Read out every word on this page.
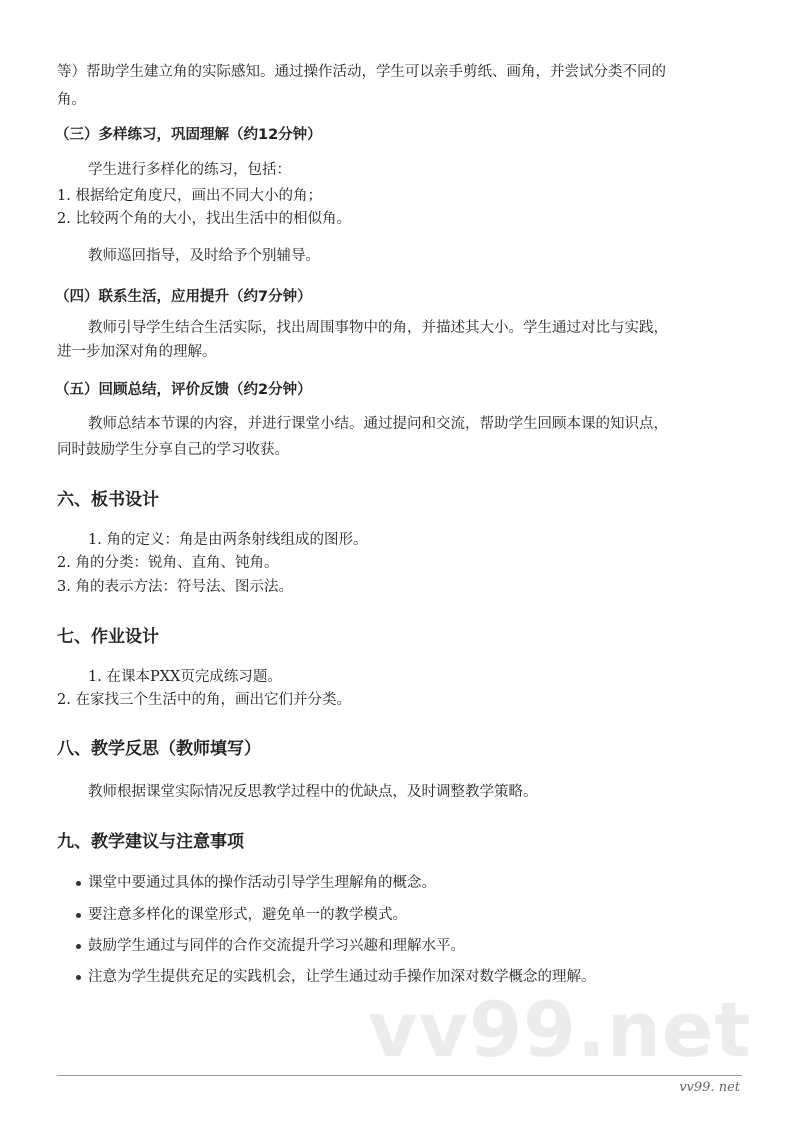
等）帮助学生建立角的实际感知。通过操作活动，学生可以亲手剪纸、画角，并尝试分类不同的
角。
（三）多样练习，巩固理解（约12分钟）
学生进行多样化的练习，包括：
1. 根据给定角度尺，画出不同大小的角；
2. 比较两个角的大小，找出生活中的相似角。
教师巡回指导，及时给予个别辅导。
（四）联系生活，应用提升（约7分钟）
教师引导学生结合生活实际，找出周围事物中的角，并描述其大小。学生通过对比与实践，
进一步加深对角的理解。
（五）回顾总结，评价反馈（约2分钟）
教师总结本节课的内容，并进行课堂小结。通过提问和交流，帮助学生回顾本课的知识点，
同时鼓励学生分享自己的学习收获。
六、板书设计
1. 角的定义：角是由两条射线组成的图形。
2. 角的分类：锐角、直角、钝角。
3. 角的表示方法：符号法、图示法。
七、作业设计
1. 在课本PXX页完成练习题。
2. 在家找三个生活中的角，画出它们并分类。
八、教学反思（教师填写）
教师根据课堂实际情况反思教学过程中的优缺点，及时调整教学策略。
九、教学建议与注意事项
课堂中要通过具体的操作活动引导学生理解角的概念。
要注意多样化的课堂形式，避免单一的教学模式。
鼓励学生通过与同伴的合作交流提升学习兴趣和理解水平。
注意为学生提供充足的实践机会，让学生通过动手操作加深对数学概念的理解。
vv99.net
vv99. net
